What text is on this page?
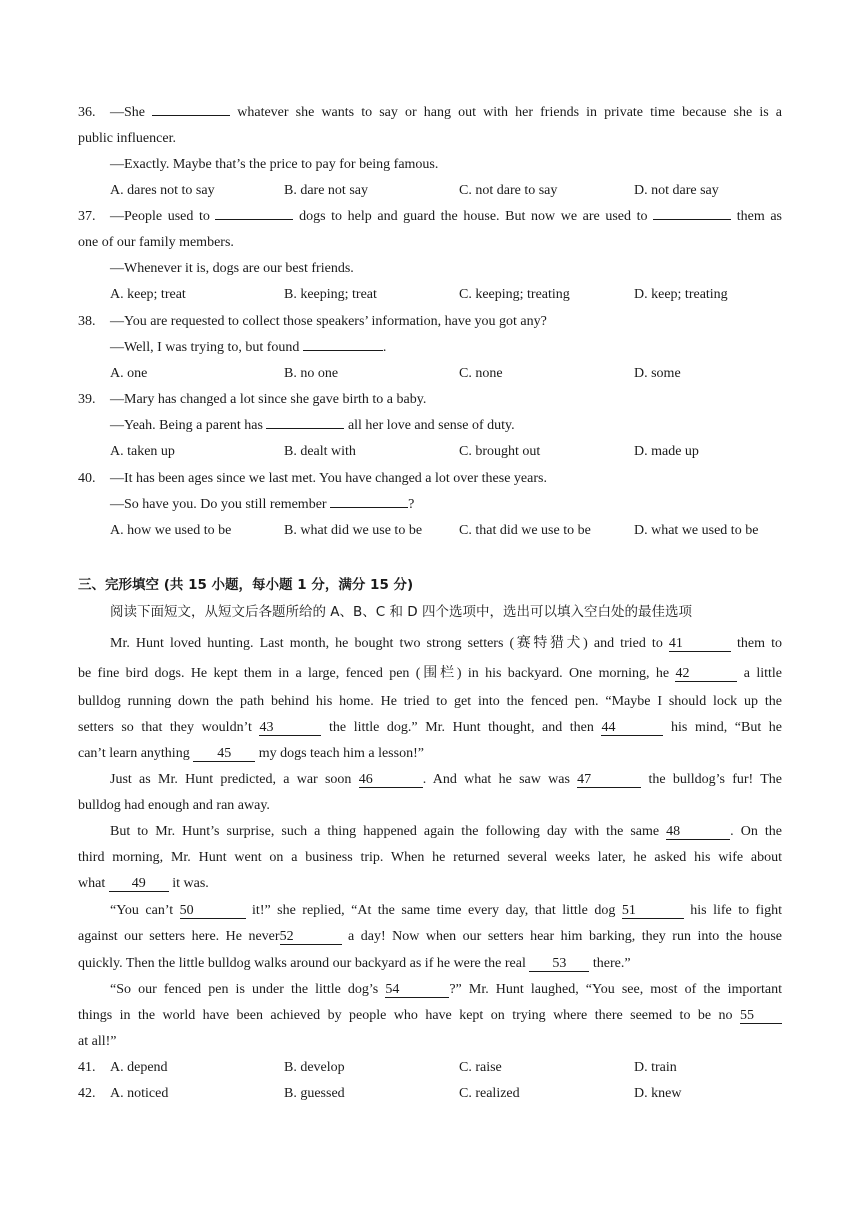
36. —She	whatever she wants to say or hang out with her friends in private time because she is a
public influencer.
—Exactly. Maybe that’s the price to pay for being famous.
A. dares not to say	B. dare not say	C. not dare to say	D. not dare say
37. —People used to	dogs to help and guard the house. But now we are used to	them as
one of our family members.
—Whenever it is, dogs are our best friends.
A. keep; treat	B. keeping; treat	C. keeping; treating	D. keep; treating
38. —You are requested to collect those speakers’ information, have you got any?
—Well, I was trying to, but found	.
A. one	B. no one	C. none	D. some
39. —Mary has changed a lot since she gave birth to a baby.
—Yeah. Being a parent has	all her love and sense of duty.
A. taken up	B. dealt with	C. brought out	D. made up
40. —It has been ages since we last met. You have changed a lot over these years.
—So have you. Do you still remember	?
A. how we used to be	B. what did we use to be	C. that did we use to be	D. what we used to be
三、完形填空 (共 15 小题，每小题 1 分，满分 15 分)
阅读下面短文，从短文后各题所给的 A、B、C 和 D 四个选项中，选出可以填入空白处的最佳选项
Mr. Hunt loved hunting. Last month, he bought two strong setters (赛特猎犬) and tried to 41	them to
be fine bird dogs. He kept them in a large, fenced pen (围栏) in his backyard. One morning, he 42	a little
bulldog running down the path behind his home. He tried to get into the fenced pen. “Maybe I should lock up the
setters so that they wouldn’t 43	the little dog.” Mr. Hunt thought, and then 44	his mind, “But he
can’t learn anything 45 my dogs teach him a lesson!”
Just as Mr. Hunt predicted, a war soon 46	. And what he saw was 47	the bulldog’s fur! The
bulldog had enough and ran away.
But to Mr. Hunt’s surprise, such a thing happened again the following day with the same 48	. On the
third morning, Mr. Hunt went on a business trip. When he returned several weeks later, he asked his wife about
what 49 it was.
“You can’t 50	it!” she replied, “At the same time every day, that little dog 51	his life to fight
against our setters here. He never52	a day! Now when our setters hear him barking, they run into the house
quickly. Then the little bulldog walks around our backyard as if he were the real 53 there.”
“So our fenced pen is under the little dog’s 54	?” Mr. Hunt laughed, “You see, most of the important
things in the world have been achieved by people who have kept on trying where there seemed to be no 55
at all!”
41.	A. depend	B. develop	C. raise	D. train
42.	A. noticed	B. guessed	C. realized	D. knew
